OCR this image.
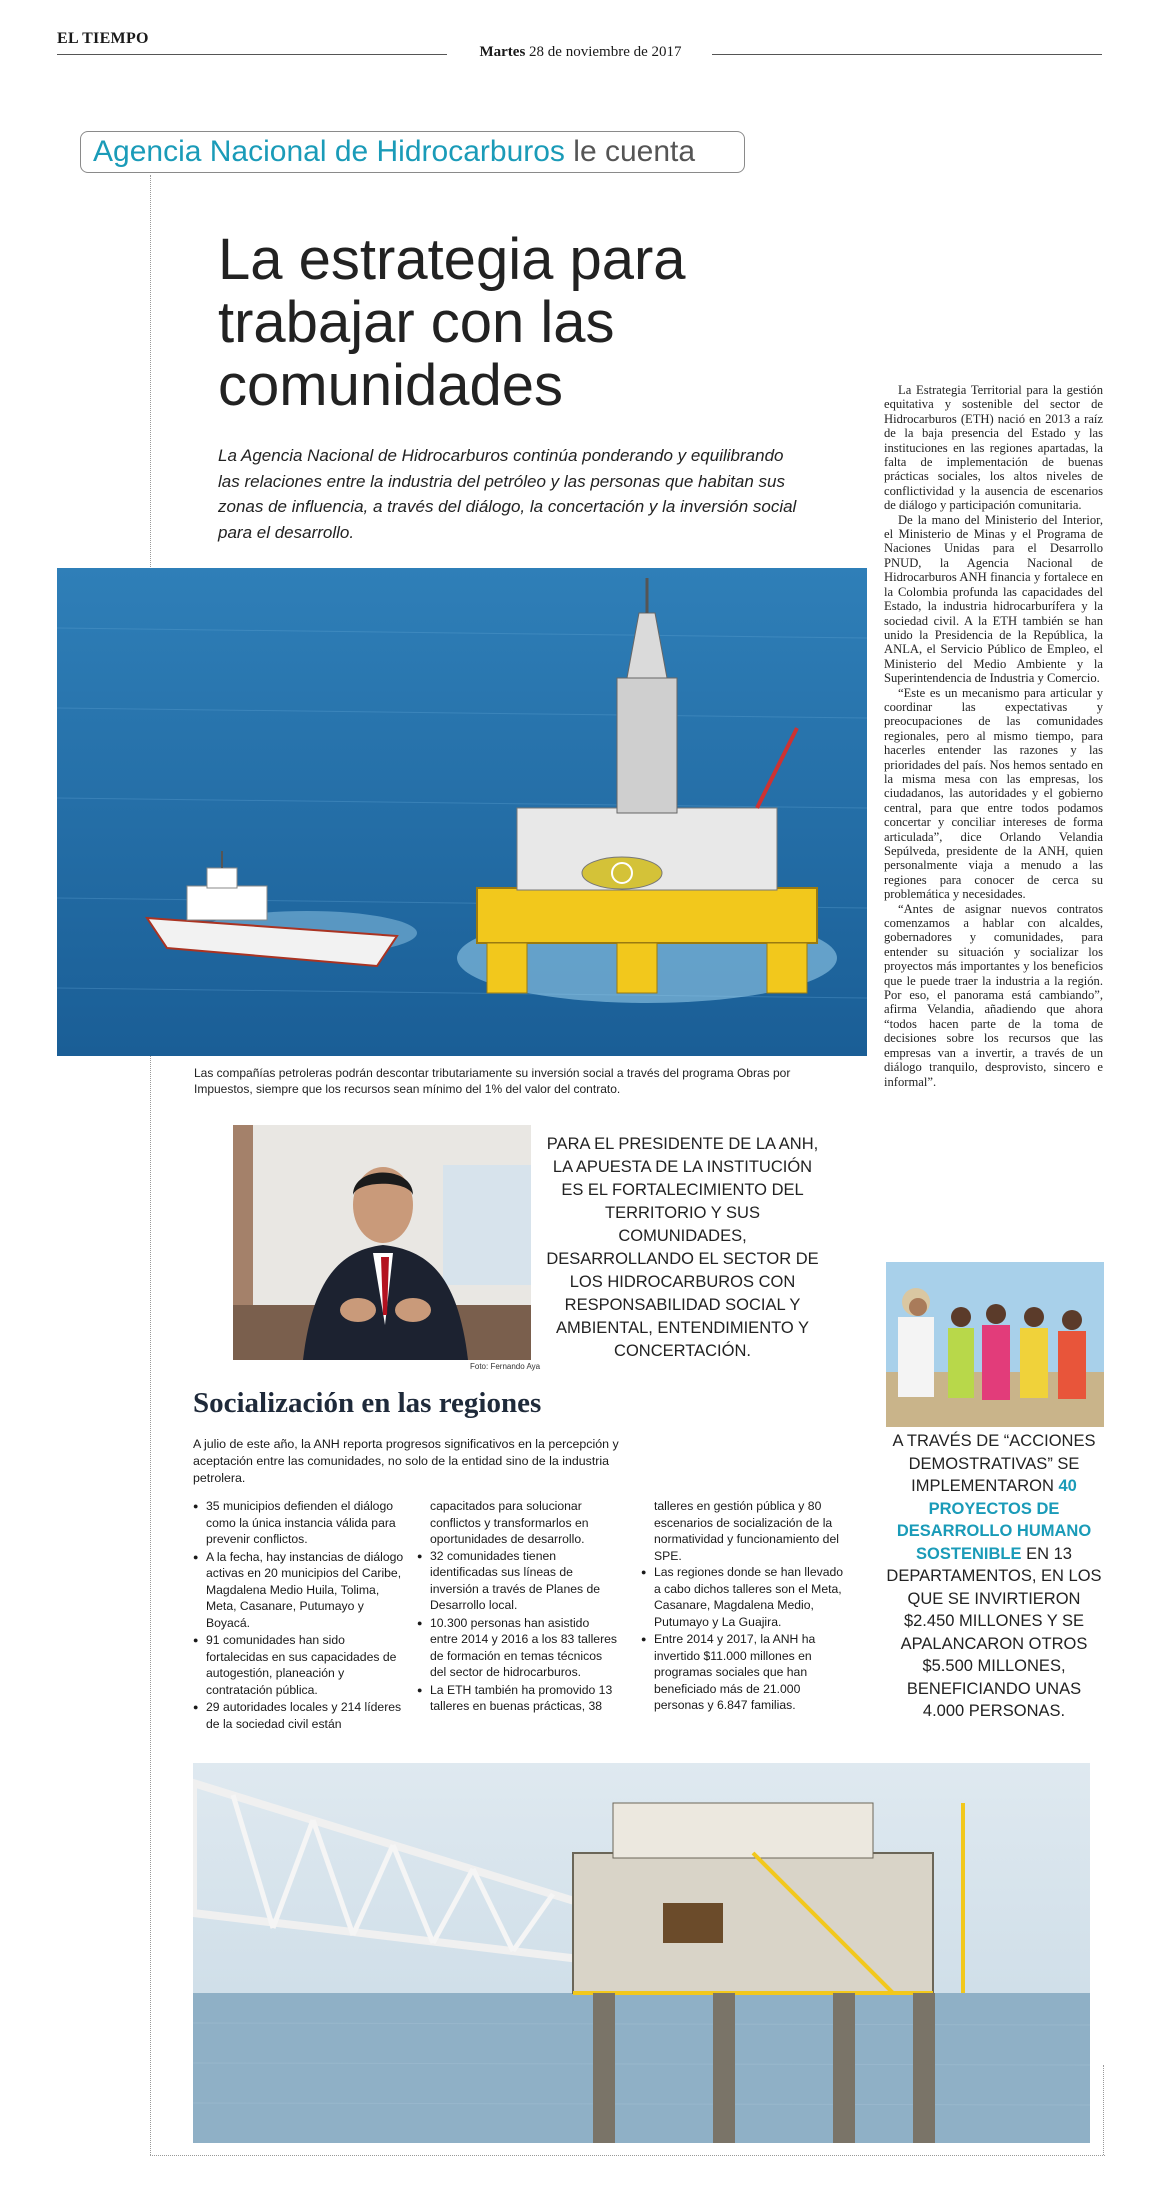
EL TIEMPO
Martes 28 de noviembre de 2017
Agencia Nacional de Hidrocarburos le cuenta
La estrategia para trabajar con las comunidades
La Agencia Nacional de Hidrocarburos continúa ponderando y equilibrando las relaciones entre la industria del petróleo y las personas que habitan sus zonas de influencia, a través del diálogo, la concertación y la inversión social para el desarrollo.
Las compañías petroleras podrán descontar tributariamente su inversión social a través del programa Obras por Impuestos, siempre que los recursos sean mínimo del 1% del valor del contrato.

La Estrategia Territorial para la gestión equitativa y sostenible del sector de Hidrocarburos (ETH) nació en 2013 a raíz de la baja presencia del Estado y las instituciones en las regiones apartadas, la falta de implementación de buenas prácticas sociales, los altos niveles de conflictividad y la ausencia de escenarios de diálogo y participación comunitaria.

De la mano del Ministerio del Interior, el Ministerio de Minas y el Programa de Naciones Unidas para el Desarrollo PNUD, la Agencia Nacional de Hidrocarburos ANH financia y fortalece en la Colombia profunda las capacidades del Estado, la industria hidrocarburífera y la sociedad civil. A la ETH también se han unido la Presidencia de la República, la ANLA, el Servicio Público de Empleo, el Ministerio del Medio Ambiente y la Superintendencia de Industria y Comercio.

“Este es un mecanismo para articular y coordinar las expectativas y preocupaciones de las comunidades regionales, pero al mismo tiempo, para hacerles entender las razones y las prioridades del país. Nos hemos sentado en la misma mesa con las empresas, los ciudadanos, las autoridades y el gobierno central, para que entre todos podamos concertar y conciliar intereses de forma articulada”, dice Orlando Velandia Sepúlveda, presidente de la ANH, quien personalmente viaja a menudo a las regiones para conocer de cerca su problemática y necesidades.

“Antes de asignar nuevos contratos comenzamos a hablar con alcaldes, gobernadores y comunidades, para entender su situación y socializar los proyectos más importantes y los beneficios que le puede traer la industria a la región. Por eso, el panorama está cambiando”, afirma Velandia, añadiendo que ahora “todos hacen parte de la toma de decisiones sobre los recursos que las empresas van a invertir, a través de un diálogo tranquilo, desprovisto, sincero e informal”.

Foto: Fernando Aya
PARA EL PRESIDENTE DE LA ANH, LA APUESTA DE LA INSTITUCIÓN ES EL FORTALECIMIENTO DEL TERRITORIO Y SUS COMUNIDADES, DESARROLLANDO EL SECTOR DE LOS HIDROCARBUROS CON RESPONSABILIDAD SOCIAL Y AMBIENTAL, ENTENDIMIENTO Y CONCERTACIÓN.
Socialización en las regiones
A julio de este año, la ANH reporta progresos significativos en la percepción y aceptación entre las comunidades, no solo de la entidad sino de la industria petrolera.
● 35 municipios defienden el diálogo como la única instancia válida para prevenir conflictos.
● A la fecha, hay instancias de diálogo activas en 20 municipios del Caribe, Magdalena Medio Huila, Tolima, Meta, Casanare, Putumayo y Boyacá.
● 91 comunidades han sido fortalecidas en sus capacidades de autogestión, planeación y contratación pública.
● 29 autoridades locales y 214 líderes de la sociedad civil están

capacitados para solucionar conflictos y transformarlos en oportunidades de desarrollo.

● 32 comunidades tienen identificadas sus líneas de inversión a través de Planes de Desarrollo local.
● 10.300 personas han asistido entre 2014 y 2016 a los 83 talleres de formación en temas técnicos del sector de hidrocarburos.
● La ETH también ha promovido 13 talleres en buenas prácticas, 38

talleres en gestión pública y 80 escenarios de socialización de la normatividad y funcionamiento del SPE.

● Las regiones donde se han llevado a cabo dichos talleres son el Meta, Casanare, Magdalena Medio, Putumayo y La Guajira.
● Entre 2014 y 2017, la ANH ha invertido $11.000 millones en programas sociales que han beneficiado más de 21.000 personas y 6.847 familias.
A TRAVÉS DE “ACCIONES DEMOSTRATIVAS” SE IMPLEMENTARON 40 PROYECTOS DE DESARROLLO HUMANO SOSTENIBLE EN 13 DEPARTAMENTOS, EN LOS QUE SE INVIRTIERON $2.450 MILLONES Y SE APALANCARON OTROS $5.500 MILLONES, BENEFICIANDO UNAS 4.000 PERSONAS.
